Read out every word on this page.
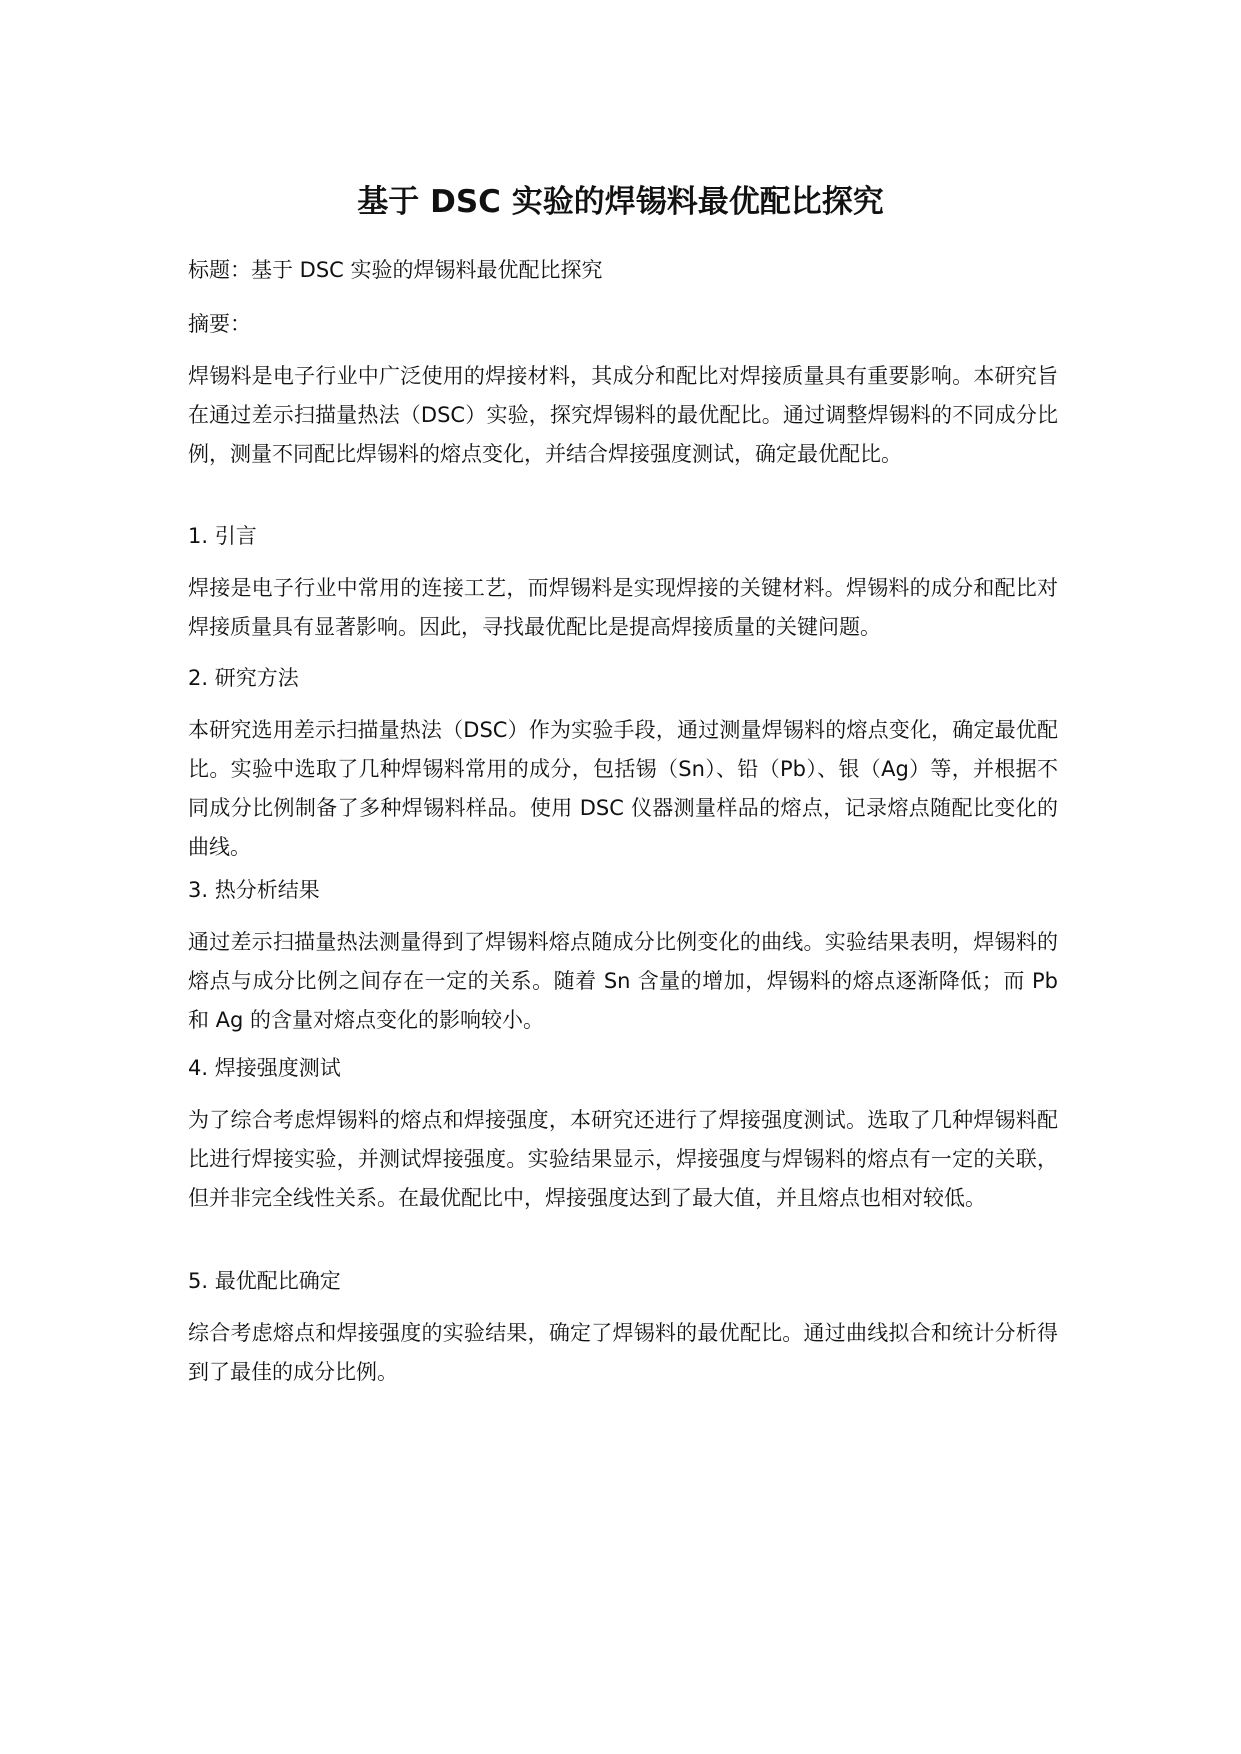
基于 DSC 实验的焊锡料最优配比探究

标题：基于 DSC 实验的焊锡料最优配比探究

摘要：

焊锡料是电子行业中广泛使用的焊接材料，其成分和配比对焊接质量具有重要影响。本研究旨在通过差示扫描量热法（DSC）实验，探究焊锡料的最优配比。通过调整焊锡料的不同成分比例，测量不同配比焊锡料的熔点变化，并结合焊接强度测试，确定最优配比。

1. 引言

焊接是电子行业中常用的连接工艺，而焊锡料是实现焊接的关键材料。焊锡料的成分和配比对焊接质量具有显著影响。因此，寻找最优配比是提高焊接质量的关键问题。

2. 研究方法

本研究选用差示扫描量热法（DSC）作为实验手段，通过测量焊锡料的熔点变化，确定最优配比。实验中选取了几种焊锡料常用的成分，包括锡（Sn）、铅（Pb）、银（Ag）等，并根据不同成分比例制备了多种焊锡料样品。使用 DSC 仪器测量样品的熔点，记录熔点随配比变化的曲线。

3. 热分析结果

通过差示扫描量热法测量得到了焊锡料熔点随成分比例变化的曲线。实验结果表明，焊锡料的熔点与成分比例之间存在一定的关系。随着 Sn 含量的增加，焊锡料的熔点逐渐降低；而 Pb 和 Ag 的含量对熔点变化的影响较小。

4. 焊接强度测试

为了综合考虑焊锡料的熔点和焊接强度，本研究还进行了焊接强度测试。选取了几种焊锡料配比进行焊接实验，并测试焊接强度。实验结果显示，焊接强度与焊锡料的熔点有一定的关联，但并非完全线性关系。在最优配比中，焊接强度达到了最大值，并且熔点也相对较低。

5. 最优配比确定

综合考虑熔点和焊接强度的实验结果，确定了焊锡料的最优配比。通过曲线拟合和统计分析得到了最佳的成分比例。
